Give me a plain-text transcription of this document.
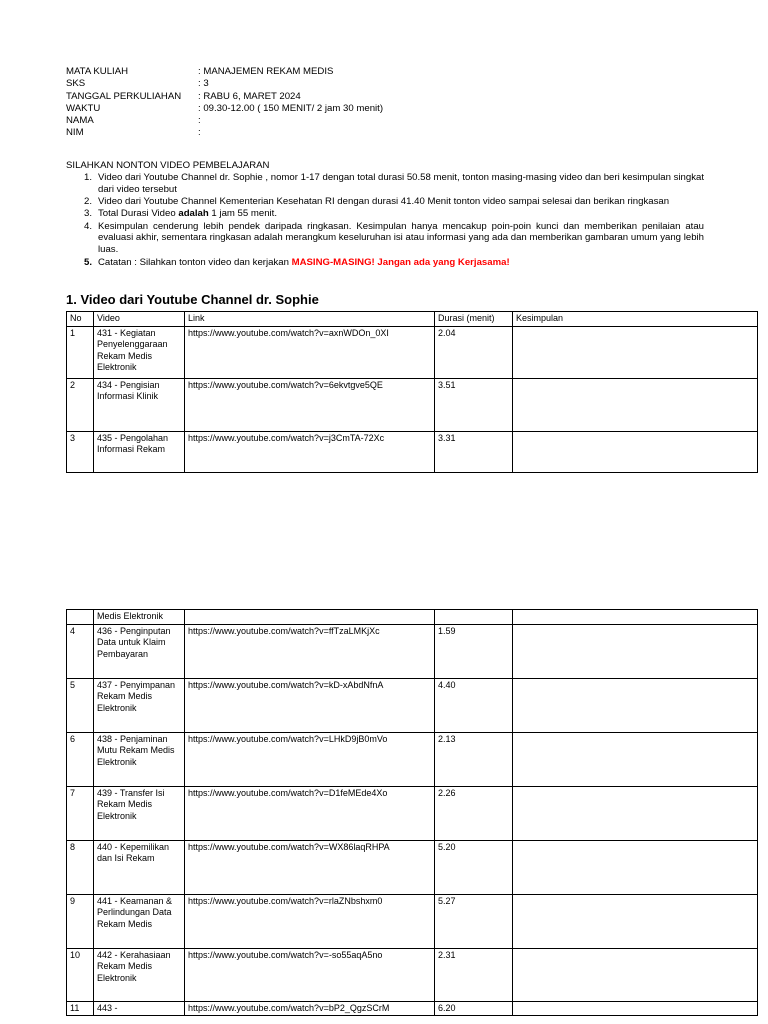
MATA KULIAH	: MANAJEMEN REKAM MEDIS
SKS	: 3
TANGGAL PERKULIAHAN : RABU 6, MARET 2024
WAKTU	: 09.30-12.00 ( 150 MENIT/ 2 jam 30 menit)
NAMA	:
NIM	:
SILAHKAN NONTON VIDEO PEMBELAJARAN
1. Video dari Youtube Channel dr. Sophie , nomor 1-17 dengan total durasi 50.58 menit, tonton masing-masing video dan beri kesimpulan singkat dari video tersebut
2. Video dari Youtube Channel Kementerian Kesehatan RI dengan durasi 41.40 Menit tonton video sampai selesai dan berikan ringkasan
3. Total Durasi Video adalah 1 jam 55 menit.
4. Kesimpulan cenderung lebih pendek daripada ringkasan. Kesimpulan hanya mencakup poin-poin kunci dan memberikan penilaian atau evaluasi akhir, sementara ringkasan adalah merangkum keseluruhan isi atau informasi yang ada dan memberikan gambaran umum yang lebih luas.
5. Catatan : Silahkan tonton video dan kerjakan MASING-MASING! Jangan ada yang Kerjasama!
1. Video dari Youtube Channel dr. Sophie
No	Video	Link	Durasi (menit)	Kesimpulan
1	431 - Kegiatan Penyelenggaraan Rekam Medis Elektronik	https://www.youtube.com/watch?v=axnWDOn_0XI	2.04	
2	434 - Pengisian Informasi Klinik	https://www.youtube.com/watch?v=6ekvtgve5QE	3.51	
3	435 - Pengolahan Informasi Rekam	https://www.youtube.com/watch?v=j3CmTA-72Xc	3.31	
	Medis Elektronik			
4	436 - Penginputan Data untuk Klaim Pembayaran	https://www.youtube.com/watch?v=ffTzaLMKjXc	1.59	
5	437 - Penyimpanan Rekam Medis Elektronik	https://www.youtube.com/watch?v=kD-xAbdNfnA	4.40	
6	438 - Penjaminan Mutu Rekam Medis Elektronik	https://www.youtube.com/watch?v=LHkD9jB0mVo	2.13	
7	439 - Transfer Isi Rekam Medis Elektronik	https://www.youtube.com/watch?v=D1feMEde4Xo	2.26	
8	440 - Kepemilikan dan Isi Rekam	https://www.youtube.com/watch?v=WX86laqRHPA	5.20	
9	441 - Keamanan & Perlindungan Data Rekam Medis	https://www.youtube.com/watch?v=rlaZNbshxm0	5.27	
10	442 - Kerahasiaan Rekam Medis Elektronik	https://www.youtube.com/watch?v=-so55aqA5no	2.31	
11	443 -	https://www.youtube.com/watch?v=bP2_QgzSCrM	6.20	
